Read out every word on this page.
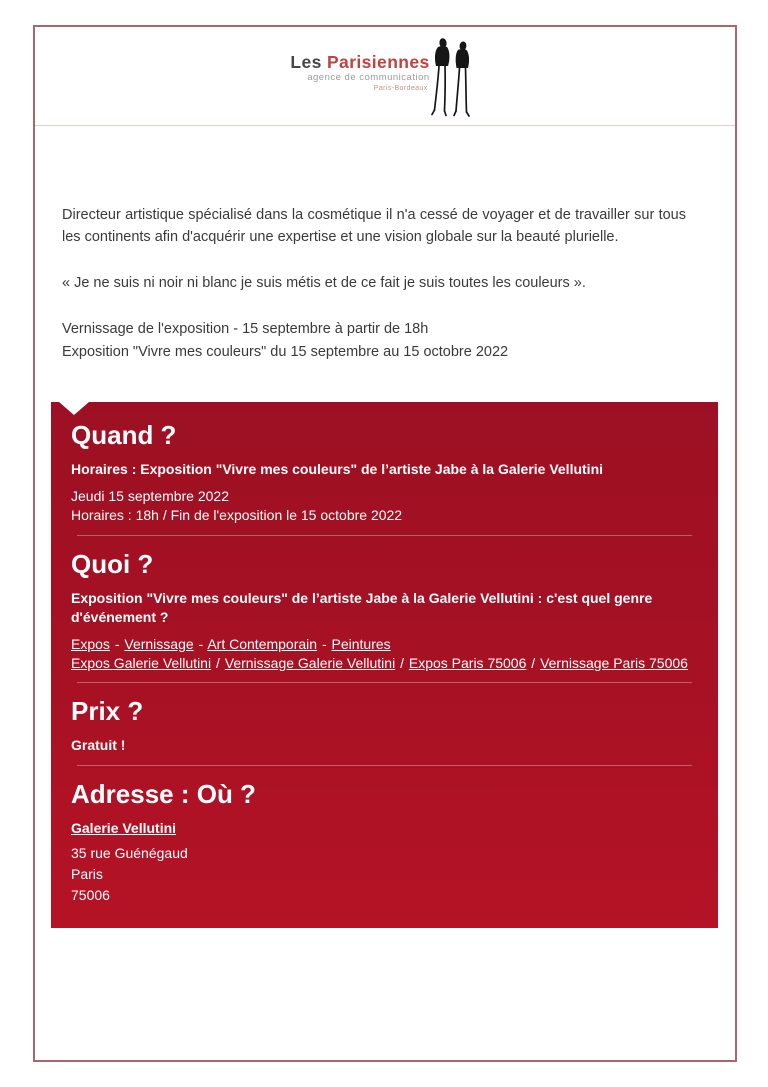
Les Parisiennes
agence de communication
Paris-Bordeaux

Directeur artistique spécialisé dans la cosmétique il n'a cessé de voyager et de travailler sur tous les continents afin d'acquérir une expertise et une vision globale sur la beauté plurielle.

« Je ne suis ni noir ni blanc je suis métis et de ce fait je suis toutes les couleurs ».

Vernissage de l'exposition - 15 septembre à partir de 18h

Exposition "Vivre mes couleurs" du 15 septembre au 15 octobre 2022

Quand ?

Horaires : Exposition "Vivre mes couleurs" de l’artiste Jabe à la Galerie Vellutini

Jeudi 15 septembre 2022

Horaires : 18h / Fin de l'exposition le 15 octobre 2022

Quoi ?

Exposition "Vivre mes couleurs" de l’artiste Jabe à la Galerie Vellutini : c'est quel genre d'événement ?

Expos - Vernissage - Art Contemporain - Peintures

Expos Galerie Vellutini / Vernissage Galerie Vellutini / Expos Paris 75006 / Vernissage Paris 75006

Prix ?

Gratuit !

Adresse : Où ?
Galerie Vellutini

35 rue Guénégaud

Paris

75006
